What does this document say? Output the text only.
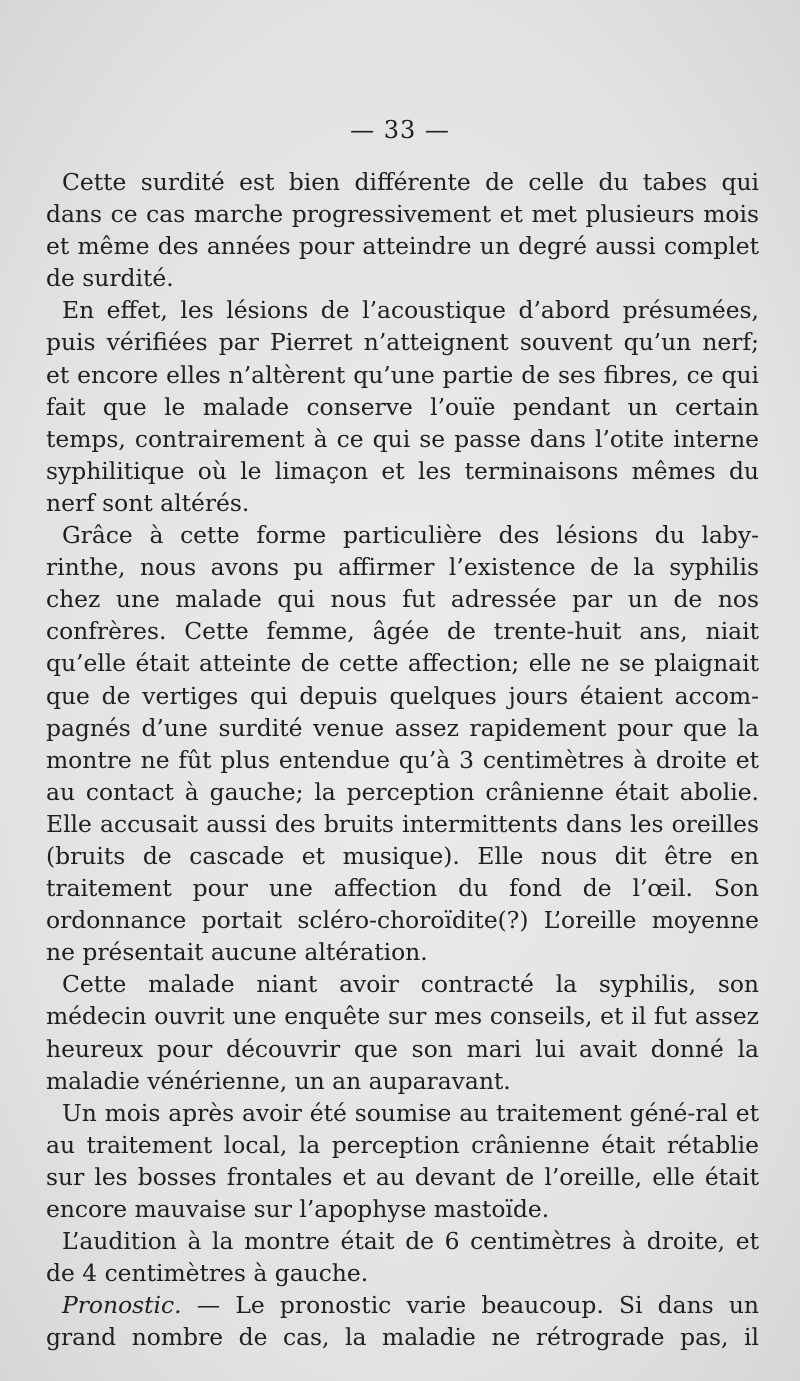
— 33 —

Cette surdité est bien différente de celle du tabes qui dans ce cas marche progressivement et met plusieurs mois et même des années pour atteindre un degré aussi complet de surdité.

En effet, les lésions de l’acoustique d’abord présumées, puis vérifiées par Pierret n’atteignent souvent qu’un nerf; et encore elles n’altèrent qu’une partie de ses fibres, ce qui fait que le malade conserve l’ouïe pendant un certain temps, contrairement à ce qui se passe dans l’otite interne syphilitique où le limaçon et les terminaisons mêmes du nerf sont altérés.

Grâce à cette forme particulière des lésions du laby-rinthe, nous avons pu affirmer l’existence de la syphilis chez une malade qui nous fut adressée par un de nos confrères. Cette femme, âgée de trente-huit ans, niait qu’elle était atteinte de cette affection; elle ne se plaignait que de vertiges qui depuis quelques jours étaient accom-pagnés d’une surdité venue assez rapidement pour que la montre ne fût plus entendue qu’à 3 centimètres à droite et au contact à gauche; la perception crânienne était abolie. Elle accusait aussi des bruits intermittents dans les oreilles (bruits de cascade et musique). Elle nous dit être en traitement pour une affection du fond de l’œil. Son ordonnance portait scléro-choroïdite(?) L’oreille moyenne ne présentait aucune altération.

Cette malade niant avoir contracté la syphilis, son médecin ouvrit une enquête sur mes conseils, et il fut assez heureux pour découvrir que son mari lui avait donné la maladie vénérienne, un an auparavant.

Un mois après avoir été soumise au traitement géné-ral et au traitement local, la perception crânienne était rétablie sur les bosses frontales et au devant de l’oreille, elle était encore mauvaise sur l’apophyse mastoïde.

L’audition à la montre était de 6 centimètres à droite, et de 4 centimètres à gauche.

Pronostic. — Le pronostic varie beaucoup. Si dans un grand nombre de cas, la maladie ne rétrograde pas, il
